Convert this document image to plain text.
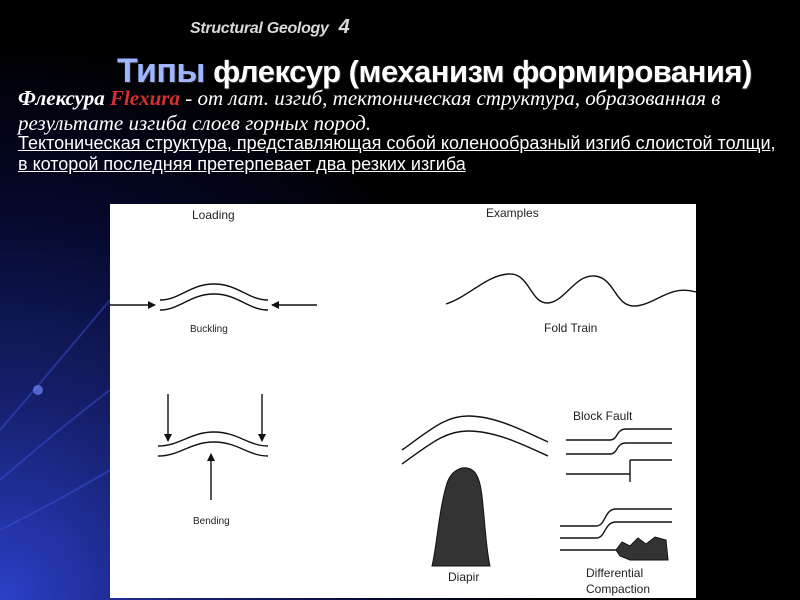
Structural Geology 4
Типы флексур (механизм формирования)
Флексура Flexura - от лат. изгиб, тектоническая структура, образованная в результате изгиба слоев горных пород.
Тектоническая структура, представляющая собой коленообразный изгиб слоистой толщи, в которой последняя претерпевает два резких изгиба
Loading	Examples
Buckling
Bending
Fold Train
Block Fault
Diapir	Differential
Compaction
